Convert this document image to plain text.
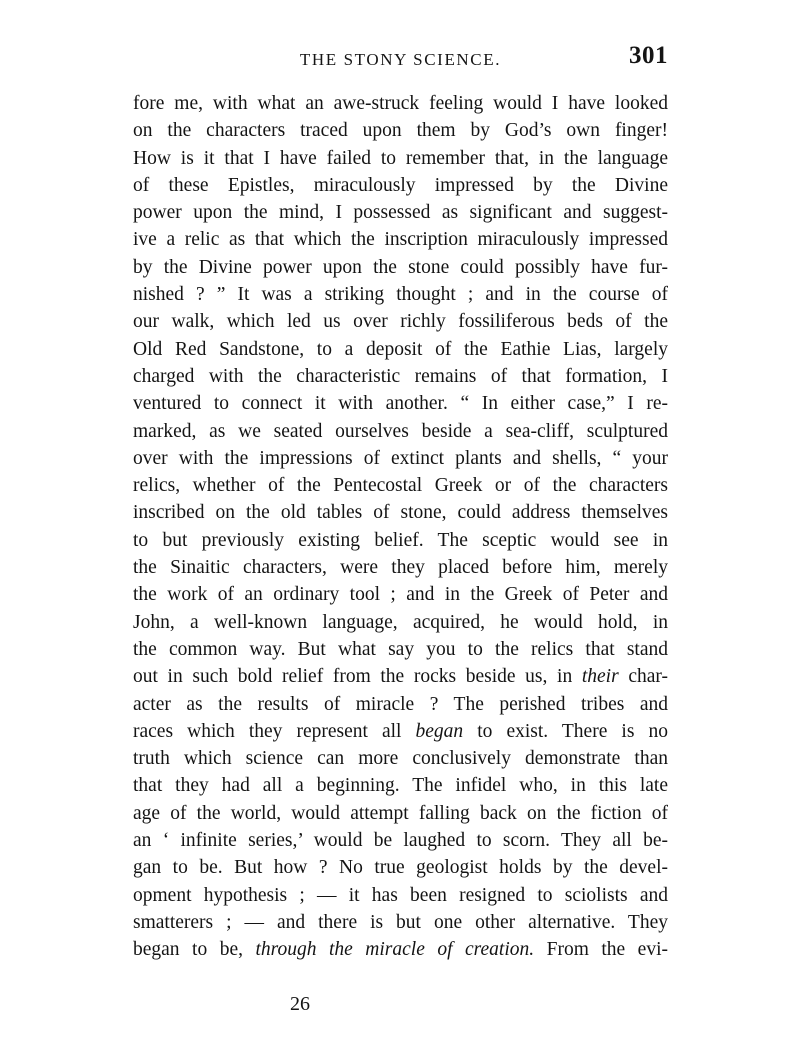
THE STONY SCIENCE.	301
fore me, with what an awe-struck feeling would I have looked
on the characters traced upon them by God’s own finger!
How is it that I have failed to remember that, in the language
of these Epistles, miraculously impressed by the Divine
power upon the mind, I possessed as significant and suggest-
ive a relic as that which the inscription miraculously impressed
by the Divine power upon the stone could possibly have fur-
nished ? ” It was a striking thought ; and in the course of
our walk, which led us over richly fossiliferous beds of the
Old Red Sandstone, to a deposit of the Eathie Lias, largely
charged with the characteristic remains of that formation, I
ventured to connect it with another. “ In either case,” I re-
marked, as we seated ourselves beside a sea-cliff, sculptured
over with the impressions of extinct plants and shells, “ your
relics, whether of the Pentecostal Greek or of the characters
inscribed on the old tables of stone, could address themselves
to but previously existing belief. The sceptic would see in
the Sinaitic characters, were they placed before him, merely
the work of an ordinary tool ; and in the Greek of Peter and
John, a well-known language, acquired, he would hold, in
the common way. But what say you to the relics that stand
out in such bold relief from the rocks beside us, in their char-
acter as the results of miracle ? The perished tribes and
races which they represent all began to exist. There is no
truth which science can more conclusively demonstrate than
that they had all a beginning. The infidel who, in this late
age of the world, would attempt falling back on the fiction of
an ‘ infinite series,’ would be laughed to scorn. They all be-
gan to be. But how ? No true geologist holds by the devel-
opment hypothesis ; — it has been resigned to sciolists and
smatterers ; — and there is but one other alternative. They
began to be, through the miracle of creation. From the evi-
26
